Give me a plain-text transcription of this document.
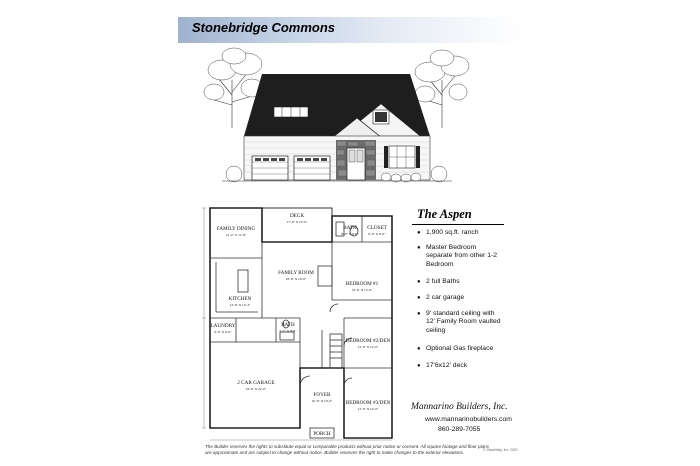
Stonebridge Commons
DECK
17'-6" X 12'-0"
FAMILY DINING
12'-2" X 11'-8"
FAMILY ROOM
18'-0" X 16'-0"
KITCHEN
12'-0" X 13'-4"
LAUNDRY
6'-0" X 6'-0"
BATH
8'-0" X 8'-0"
CLOSET
6'-0" X 8'-0"
BEDROOM #1
14'-6" X 15'-6"
BATH
7'-2" X 8'-0"
BEDROOM #2/DEN
12'-0" X 12'-0"
2 CAR GARAGE
24'-0" X 22'-0"
FOYER
10'-0" X 10'-0"	BEDROOM #3/DEN
12'-0" X 12'-6"
PORCH
The Aspen
● 1,900 sq.ft. ranch
● Master Bedroom separate from other 1-2 Bedroom
● 2 full Baths
● 2 car garage
● 9' standard ceiling with 12' Family Room vaulted ceiling
● Optional Gas fireplace
● 17'6x12' deck
Mannarino Builders, Inc.
www.mannarinobuilders.com
860-289-7055
The Builder reserves the rights to substitute equal or comparable products without prior notice or consent. All square footage and floor plans are approximate and are subject to change without notice. Builder reserves the right to make changes to the exterior elevations.	© StoneWay, Inc. 2020
